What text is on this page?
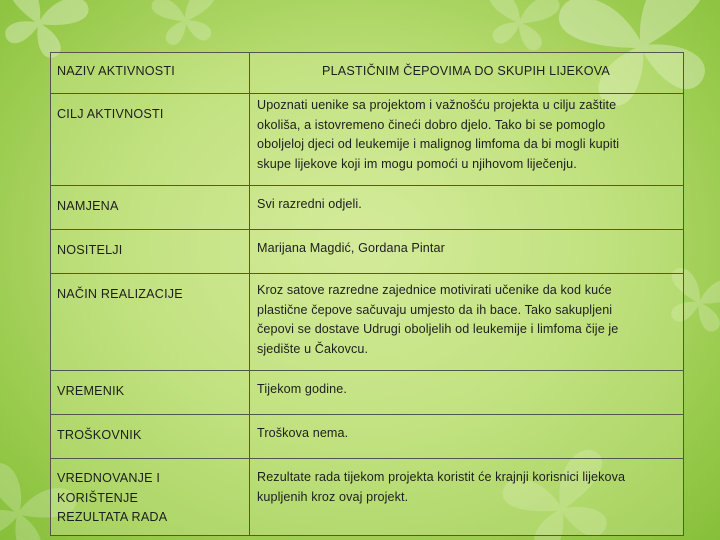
NAZIV AKTIVNOSTI	PLASTIČNIM ČEPOVIMA DO SKUPIH LIJEKOVA

CILJ AKTIVNOSTI	Upoznati uenike sa projektom i važnošću projekta u cilju zaštite
okoliša, a istovremeno čineći dobro djelo. Tako bi se pomoglo
oboljeloj djeci od leukemije i malignog limfoma da bi mogli kupiti
skupe lijekove koji im mogu pomoći u njihovom liječenju.

NAMJENA	Svi razredni odjeli.

NOSITELJI	Marijana Magdić, Gordana Pintar

NAČIN REALIZACIJE	Kroz satove razredne zajednice motivirati učenike da kod kuće
plastične čepove sačuvaju umjesto da ih bace. Tako sakupljeni
čepovi se dostave Udrugi oboljelih od leukemije i limfoma čije je
sjedište u Čakovcu.

VREMENIK	Tijekom godine.

TROŠKOVNIK	Troškova nema.

VREDNOVANJE I
KORIŠTENJE
REZULTATA RADA	Rezultate rada tijekom projekta koristit će krajnji korisnici lijekova
kupljenih kroz ovaj projekt.
